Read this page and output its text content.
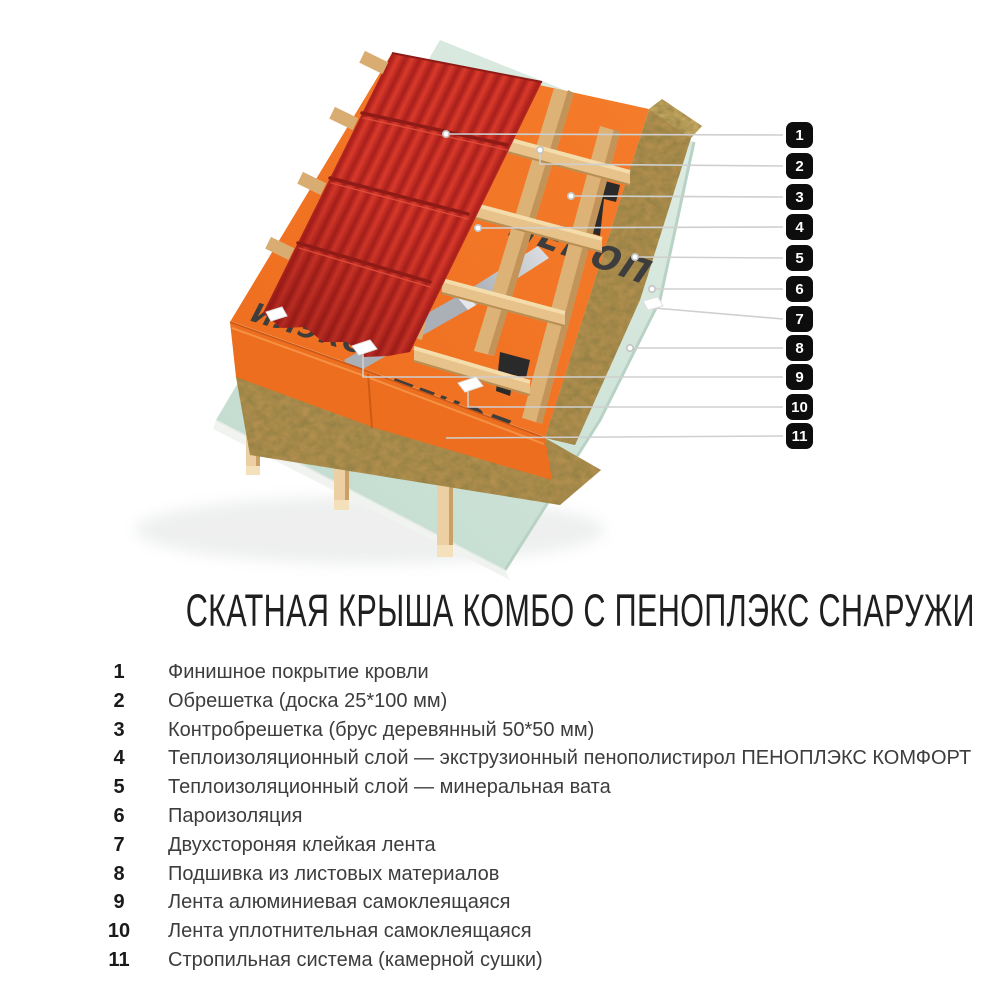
1
2
3
4
5
6
7
8
9
10
11
СКАТНАЯ КРЫША КОМБО С ПЕНОПЛЭКС СНАРУЖИ
1	Финишное покрытие кровли
2	Обрешетка (доска 25*100 мм)
3	Контробрешетка (брус деревянный 50*50 мм)
4	Теплоизоляционный слой — экструзионный пенополистирол ПЕНОПЛЭКС КОМФОРТ
5	Теплоизоляционный слой — минеральная вата
6	Пароизоляция
7	Двухстороняя клейкая лента
8	Подшивка из листовых материалов
9	Лента алюминиевая самоклеящаяся
10 Лента уплотнительная самоклеящаяся
11 Стропильная система (камерной сушки)
